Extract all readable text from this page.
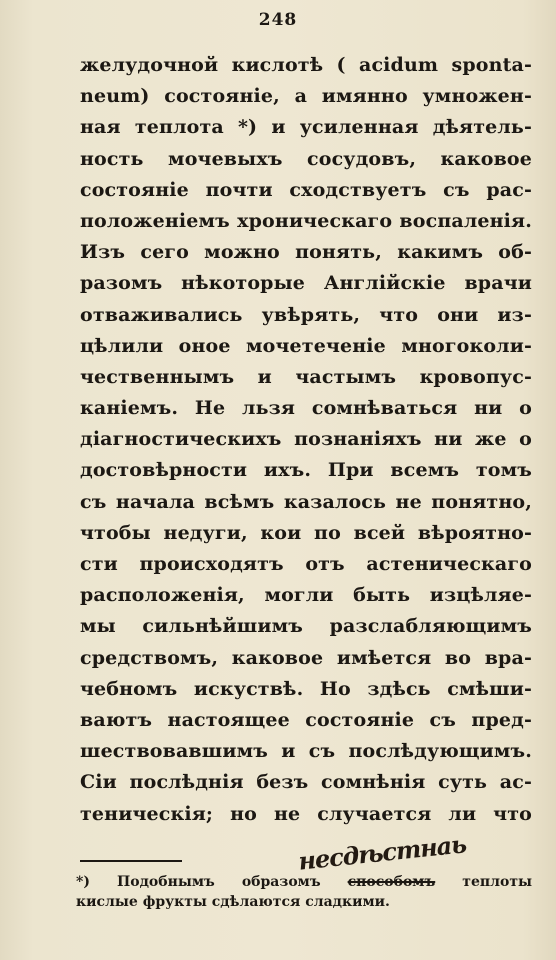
248
желудочной кислотѣ ( acidum sponta-
neum) состояніе, а имянно умножен-
ная теплота *) и усиленная дѣятель-
ность мочевыхъ сосудовъ, каковое
состояніе почти сходствуетъ съ рас-
положеніемъ хроническаго воспаленія.
Изъ сего можно понять, какимъ об-
разомъ нѣкоторые Англійскіе врачи
отваживались увѣрять, что они из-
цѣлили оное мочетеченіе многоколи-
чественнымъ и частымъ кровопус-
каніемъ. Не льзя сомнѣваться ни о
діагностическихъ познаніяхъ ни же о
достовѣрности ихъ. При всемъ томъ
съ начала всѣмъ казалось не понятно,
чтобы недуги, кои по всей вѣроятно-
сти происходятъ отъ астеническаго
расположенія, могли быть изцѣляе-
мы сильнѣйшимъ разслабляющимъ
средствомъ, каковое имѣется во вра-
чебномъ искуствѣ. Но здѣсь смѣши-
ваютъ настоящее состояніе съ пред-
шествовавшимъ и съ послѣдующимъ.
Сіи послѣднія безъ сомнѣнія суть ас-
теническія; но не случается ли что
несдѣстнаь
*) Подобнымъ образомъ способомъ теплоты
кислые фрукты сдѣлаются сладкими.
